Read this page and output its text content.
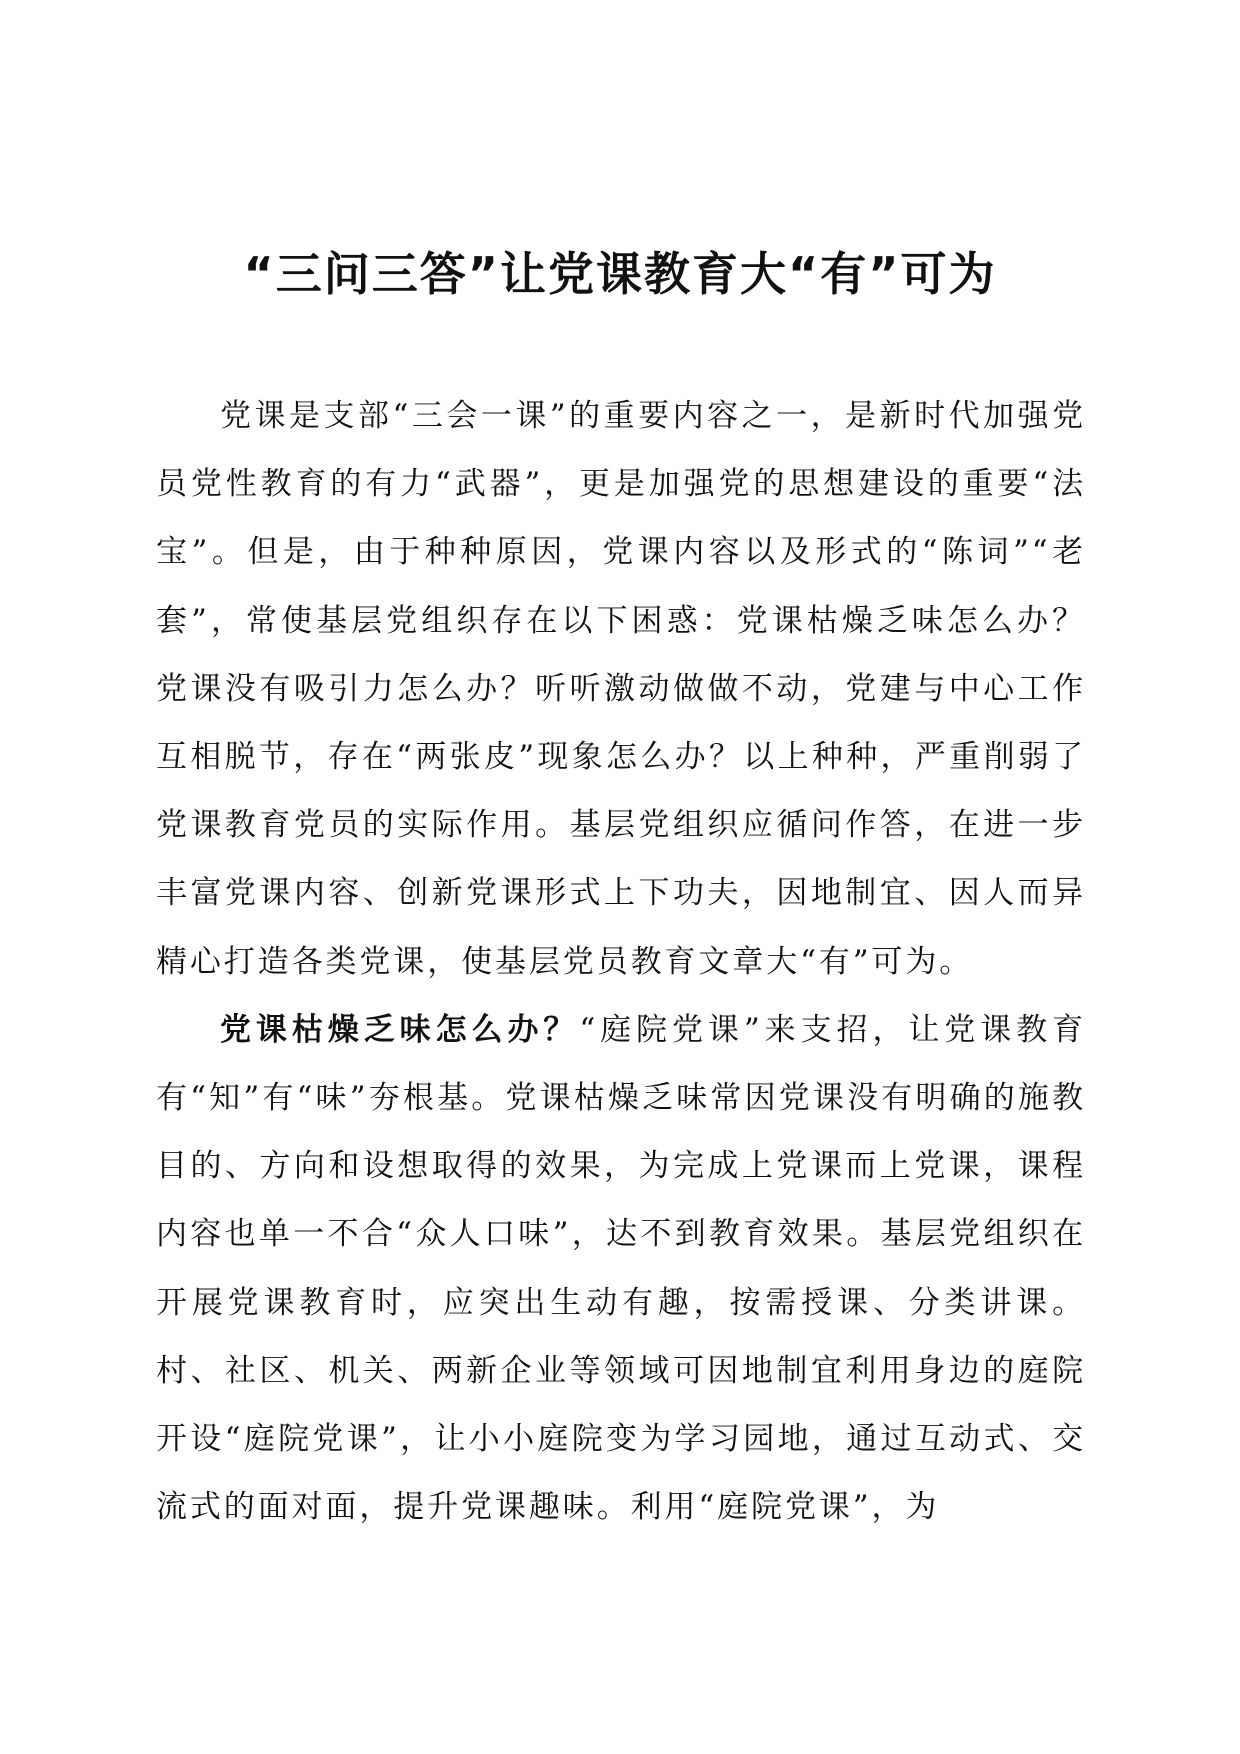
“三问三答”让党课教育大“有”可为

党课是支部“三会一课”的重要内容之一，是新时代加强党员党性教育的有力“武器”，更是加强党的思想建设的重要“法宝”。但是，由于种种原因，党课内容以及形式的“陈词”“老套”，常使基层党组织存在以下困惑：党课枯燥乏味怎么办？党课没有吸引力怎么办？听听激动做做不动，党建与中心工作互相脱节，存在“两张皮”现象怎么办？以上种种，严重削弱了党课教育党员的实际作用。基层党组织应循问作答，在进一步丰富党课内容、创新党课形式上下功夫，因地制宜、因人而异精心打造各类党课，使基层党员教育文章大“有”可为。

党课枯燥乏味怎么办？“庭院党课”来支招，让党课教育有“知”有“味”夯根基。党课枯燥乏味常因党课没有明确的施教目的、方向和设想取得的效果，为完成上党课而上党课，课程内容也单一不合“众人口味”，达不到教育效果。基层党组织在开展党课教育时，应突出生动有趣，按需授课、分类讲课。村、社区、机关、两新企业等领域可因地制宜利用身边的庭院开设“庭院党课”，让小小庭院变为学习园地，通过互动式、交流式的面对面，提升党课趣味。利用“庭院党课”，为
